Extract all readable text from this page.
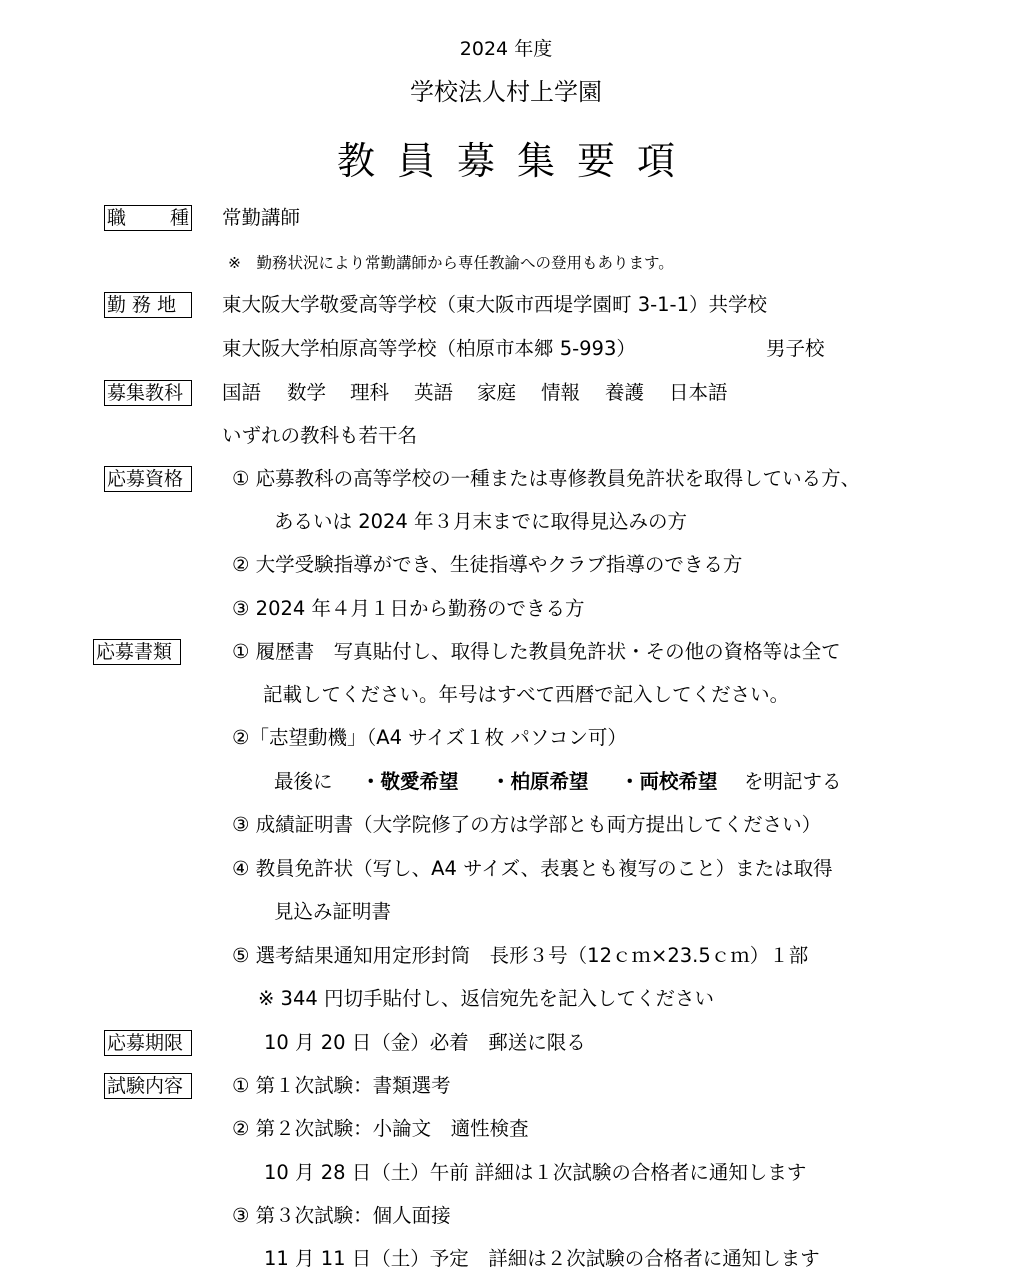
2024 年度
学校法人村上学園
教員募集要項
職 種 常勤講師
※　勤務状況により常勤講師から専任教諭への登用もあります。
勤 務 地	東大阪大学敬愛高等学校（東大阪市西堤学園町 3-1-1）共学校
東大阪大学柏原高等学校（柏原市本郷 5-993）	男子校
募集教科	国語 数学 理科 英語 家庭 情報 養護 日本語
いずれの教科も若干名
応募資格	① 応募教科の高等学校の一種または専修教員免許状を取得している方、
あるいは 2024 年３月末までに取得見込みの方
② 大学受験指導ができ、生徒指導やクラブ指導のできる方
③ 2024 年４月１日から勤務のできる方
応募書類	① 履歴書　写真貼付し、取得した教員免許状・その他の資格等は全て
記載してください。年号はすべて西暦で記入してください。
②「志望動機」（A4 サイズ１枚 パソコン可）
最後に ・敬愛希望 ・柏原希望 ・両校希望 を明記する
③ 成績証明書（大学院修了の方は学部とも両方提出してください）
④ 教員免許状（写し、A4 サイズ、表裏とも複写のこと）または取得
見込み証明書
⑤ 選考結果通知用定形封筒　長形３号（12ｃｍ×23.5ｃｍ）１部
※ 344 円切手貼付し、返信宛先を記入してください
応募期限	10 月 20 日（金）必着　郵送に限る
試験内容	① 第１次試験：書類選考
② 第２次試験：小論文　適性検査
10 月 28 日（土）午前 詳細は１次試験の合格者に通知します
③ 第３次試験：個人面接
11 月 11 日（土）予定　詳細は２次試験の合格者に通知します
